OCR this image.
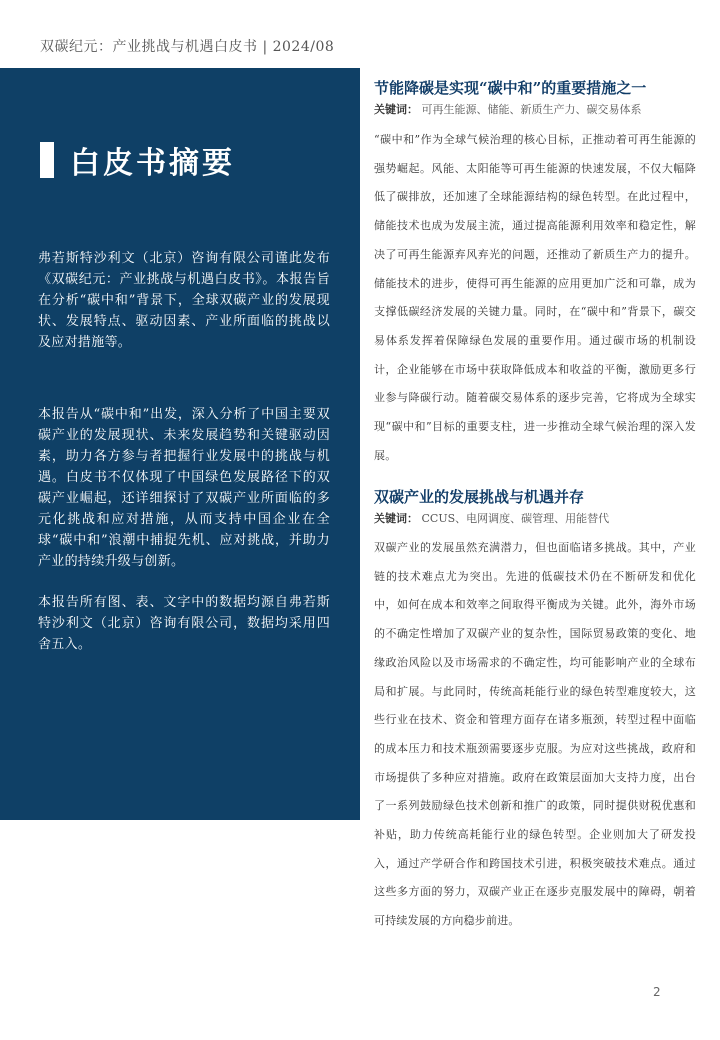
双碳纪元：产业挑战与机遇白皮书 | 2024/08
白皮书摘要

弗若斯特沙利文（北京）咨询有限公司谨此发布《双碳纪元：产业挑战与机遇白皮书》。本报告旨在分析“碳中和”背景下，全球双碳产业的发展现状、发展特点、驱动因素、产业所面临的挑战以及应对措施等。

本报告从“碳中和”出发，深入分析了中国主要双碳产业的发展现状、未来发展趋势和关键驱动因素，助力各方参与者把握行业发展中的挑战与机遇。白皮书不仅体现了中国绿色发展路径下的双碳产业崛起，还详细探讨了双碳产业所面临的多元化挑战和应对措施，从而支持中国企业在全球“碳中和”浪潮中捕捉先机、应对挑战，并助力产业的持续升级与创新。

本报告所有图、表、文字中的数据均源自弗若斯特沙利文（北京）咨询有限公司，数据均采用四舍五入。

节能降碳是实现“碳中和”的重要措施之一
关键词： 可再生能源、储能、新质生产力、碳交易体系

“碳中和”作为全球气候治理的核心目标，正推动着可再生能源的强势崛起。风能、太阳能等可再生能源的快速发展，不仅大幅降低了碳排放，还加速了全球能源结构的绿色转型。在此过程中，储能技术也成为发展主流，通过提高能源利用效率和稳定性，解决了可再生能源弃风弃光的问题，还推动了新质生产力的提升。储能技术的进步，使得可再生能源的应用更加广泛和可靠，成为支撑低碳经济发展的关键力量。同时，在“碳中和”背景下，碳交易体系发挥着保障绿色发展的重要作用。通过碳市场的机制设计，企业能够在市场中获取降低成本和收益的平衡，激励更多行业参与降碳行动。随着碳交易体系的逐步完善，它将成为全球实现“碳中和”目标的重要支柱，进一步推动全球气候治理的深入发展。

双碳产业的发展挑战与机遇并存
关键词： CCUS、电网调度、碳管理、用能替代

双碳产业的发展虽然充满潜力，但也面临诸多挑战。其中，产业链的技术难点尤为突出。先进的低碳技术仍在不断研发和优化中，如何在成本和效率之间取得平衡成为关键。此外，海外市场的不确定性增加了双碳产业的复杂性，国际贸易政策的变化、地缘政治风险以及市场需求的不确定性，均可能影响产业的全球布局和扩展。与此同时，传统高耗能行业的绿色转型难度较大，这些行业在技术、资金和管理方面存在诸多瓶颈，转型过程中面临的成本压力和技术瓶颈需要逐步克服。为应对这些挑战，政府和市场提供了多种应对措施。政府在政策层面加大支持力度，出台了一系列鼓励绿色技术创新和推广的政策，同时提供财税优惠和补贴，助力传统高耗能行业的绿色转型。企业则加大了研发投入，通过产学研合作和跨国技术引进，积极突破技术难点。通过这些多方面的努力，双碳产业正在逐步克服发展中的障碍，朝着可持续发展的方向稳步前进。

2
